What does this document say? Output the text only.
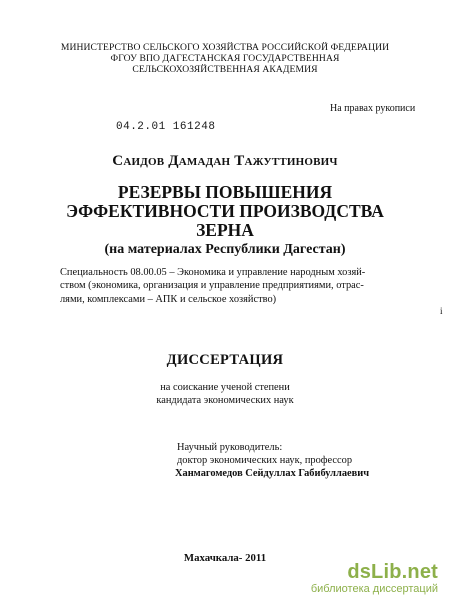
МИНИСТЕРСТВО СЕЛЬСКОГО ХОЗЯЙСТВА РОССИЙСКОЙ ФЕДЕРАЦИИ
ФГОУ ВПО ДАГЕСТАНСКАЯ ГОСУДАРСТВЕННАЯ
СЕЛЬСКОХОЗЯЙСТВЕННАЯ АКАДЕМИЯ
На правах рукописи
04.2.01 161248
Саидов Дамадан Тажуттинович
РЕЗЕРВЫ ПОВЫШЕНИЯ
ЭФФЕКТИВНОСТИ ПРОИЗВОДСТВА
ЗЕРНА
(на материалах Республики Дагестан)
Специальность 08.00.05 – Экономика и управление народным хозяй-
ством (экономика, организация и управление предприятиями, отрас-
лями, комплексами – АПК и сельское хозяйство)
i
ДИССЕРТАЦИЯ
на соискание ученой степени
кандидата экономических наук
Научный руководитель:
доктор экономических наук, профессор
Ханмагомедов Сейдуллах Габибуллаевич
Махачкала- 2011
dsLib.net
библиотека диссертаций
